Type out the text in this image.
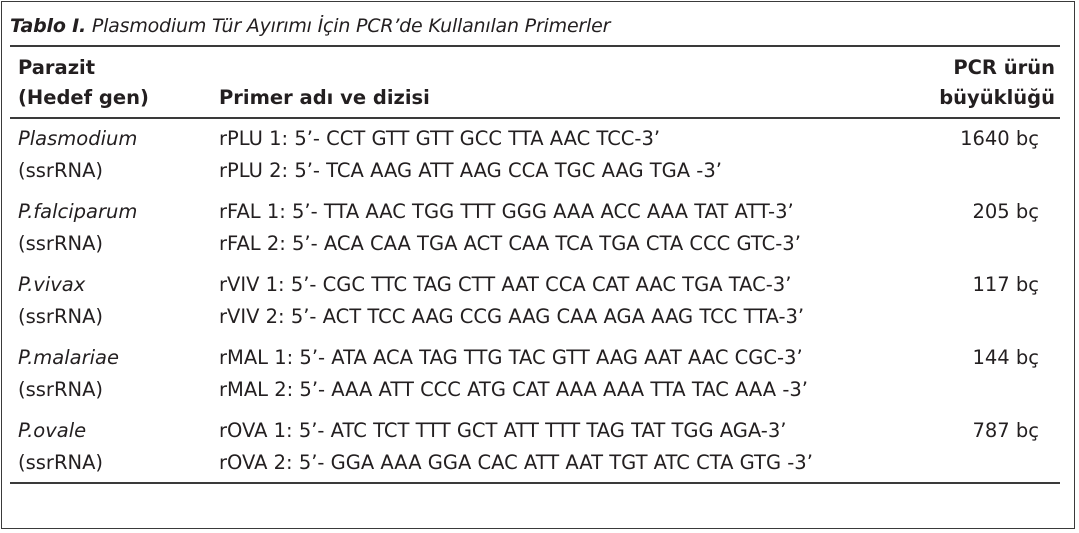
Tablo I. Plasmodium Tür Ayırımı İçin PCR’de Kullanılan Primerler
Parazit
(Hedef gen)	Primer adı ve dizisi
PCR ürün
büyüklüğü
Plasmodium
(ssrRNA)
rPLU 1: 5’- CCT GTT GTT GCC TTA AAC TCC-3’
rPLU 2: 5’- TCA AAG ATT AAG CCA TGC AAG TGA -3’
1640 bç
P.falciparum
(ssrRNA)
rFAL 1: 5’- TTA AAC TGG TTT GGG AAA ACC AAA TAT ATT-3’
rFAL 2: 5’- ACA CAA TGA ACT CAA TCA TGA CTA CCC GTC-3’
205 bç
P.vivax
(ssrRNA)
rVIV 1: 5’- CGC TTC TAG CTT AAT CCA CAT AAC TGA TAC-3’
rVIV 2: 5’- ACT TCC AAG CCG AAG CAA AGA AAG TCC TTA-3’
117 bç
P.malariae
(ssrRNA)
rMAL 1: 5’- ATA ACA TAG TTG TAC GTT AAG AAT AAC CGC-3’
rMAL 2: 5’- AAA ATT CCC ATG CAT AAA AAA TTA TAC AAA -3’
144 bç
P.ovale
(ssrRNA)
rOVA 1: 5’- ATC TCT TTT GCT ATT TTT TAG TAT TGG AGA-3’
rOVA 2: 5’- GGA AAA GGA CAC ATT AAT TGT ATC CTA GTG -3’
787 bç
